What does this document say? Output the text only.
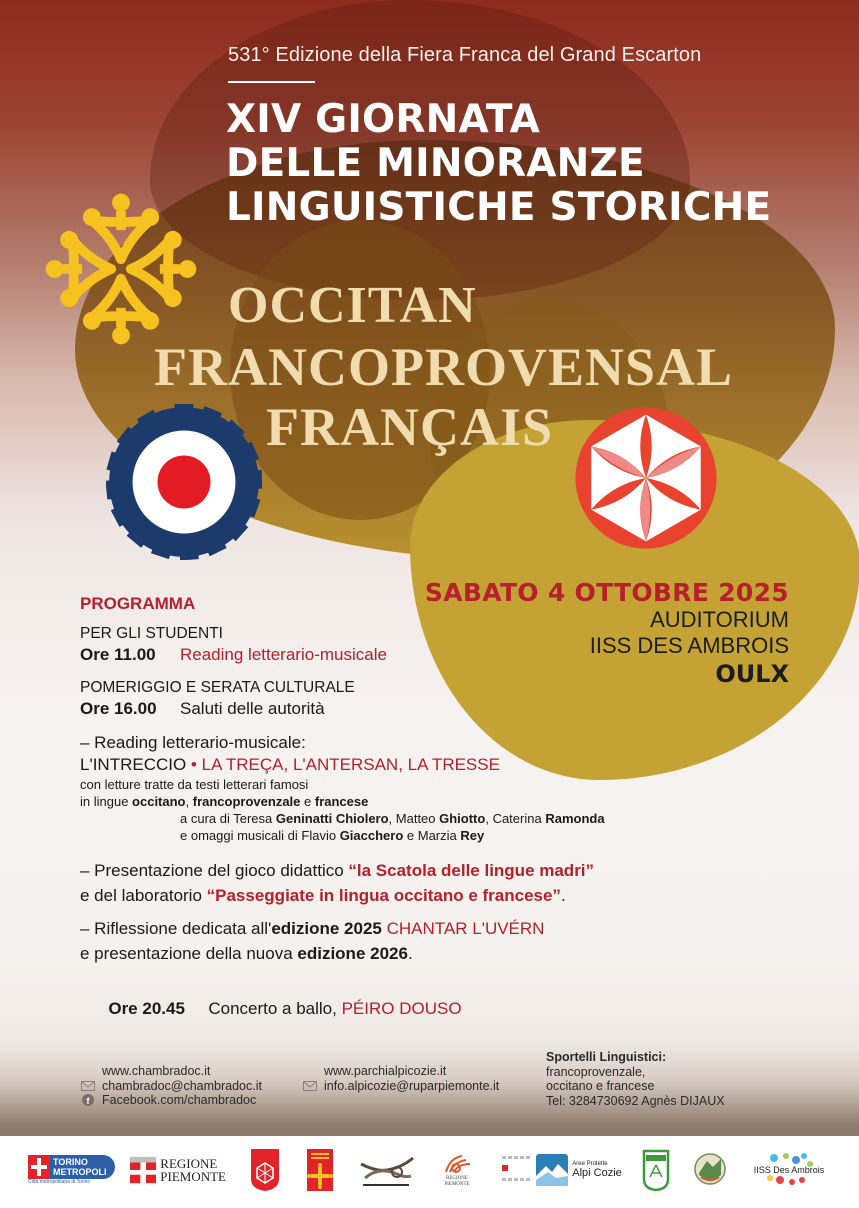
531° Edizione della Fiera Franca del Grand Escarton
XIV GIORNATA
DELLE MINORANZE
LINGUISTICHE STORICHE
OCCITAN
FRANCOPROVENSAL
FRANÇAIS
SABATO 4 OTTOBRE 2025
AUDITORIUM
IISS DES AMBROIS
OULX
PROGRAMMA
PER GLI STUDENTI
Ore 11.00 Reading letterario-musicale
POMERIGGIO E SERATA CULTURALE
Ore 16.00 Saluti delle autorità
– Reading letterario-musicale:
L'INTRECCIO • LA TREÇA, L'ANTERSAN, LA TRESSE
con letture tratte da testi letterari famosi
in lingue occitano, francoprovenzale e francese
a cura di Teresa Geninatti Chiolero, Matteo Ghiotto, Caterina Ramonda
e omaggi musicali di Flavio Giacchero e Marzia Rey
– Presentazione del gioco didattico “la Scatola delle lingue madri”
e del laboratorio “Passeggiate in lingua occitano e francese”.
– Riflessione dedicata all'edizione 2025 CHANTAR L'UVÉRN
e presentazione della nuova edizione 2026.

Ore 20.45 Concerto a ballo, PÉIRO DOUSO

www.chambradoc.it
chambradoc@chambradoc.it
f Facebook.com/chambradoc
www.parchialpicozie.it
info.alpicozie@ruparpiemonte.it
Sportelli Linguistici:
francoprovenzale,
occitano e francese
Tel: 3284730692 Agnès DIJAUX
TORINO
METROPOLI
Città metropolitana di Torino
REGIONE
PIEMONTE	REGIONE
PIEMONTE
Aree Protette
Alpi Cozie	IISS Des Ambrois
